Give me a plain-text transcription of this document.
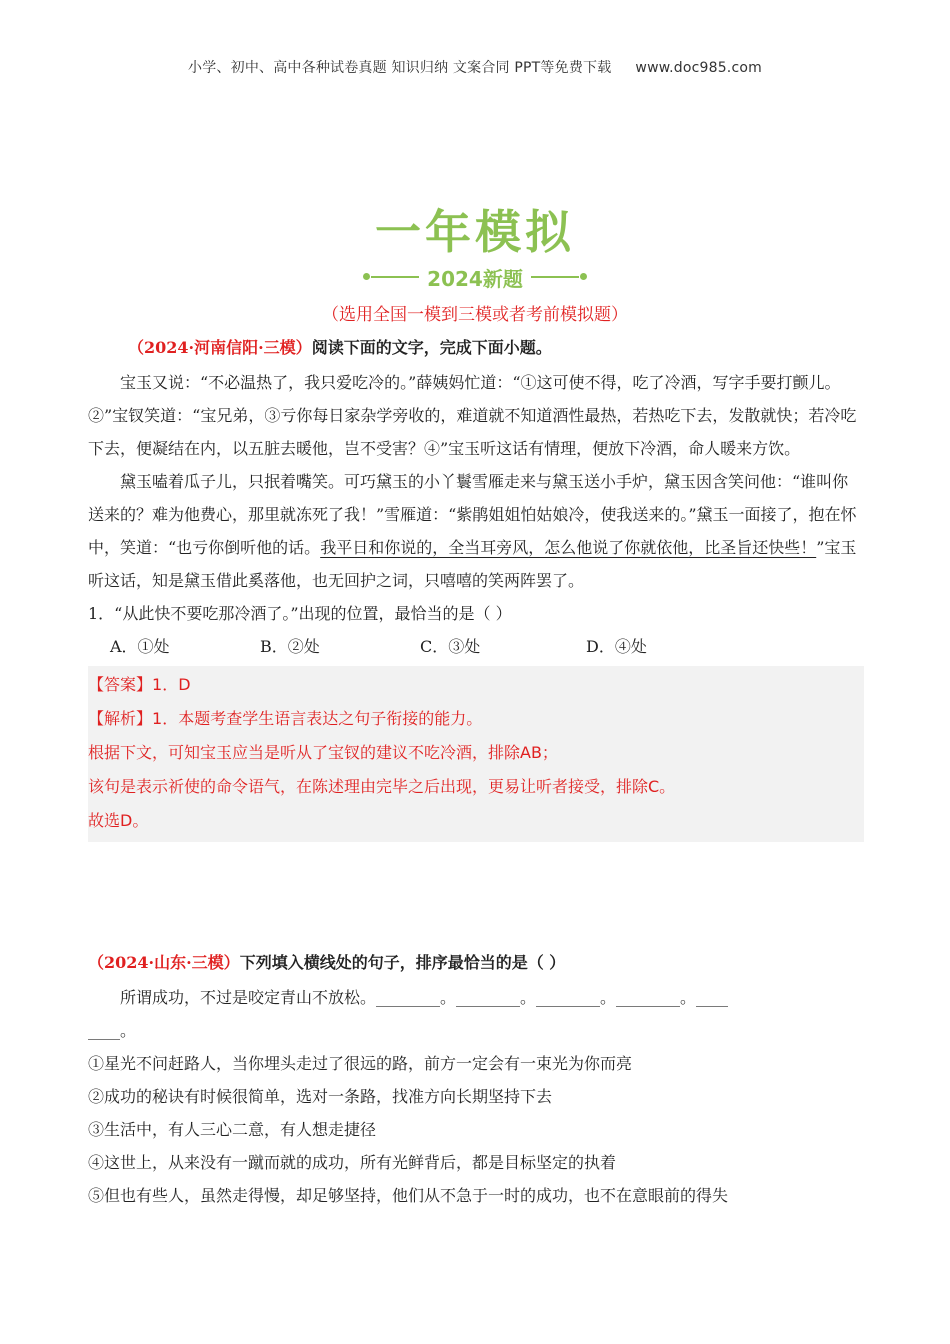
小学、初中、高中各种试卷真题 知识归纳 文案合同 PPT等免费下载 www.doc985.com
一年模拟
2024新题
（选用全国一模到三模或者考前模拟题）
（2024·河南信阳·三模）阅读下面的文字，完成下面小题。

宝玉又说：“不必温热了，我只爱吃冷的。”薛姨妈忙道：“①这可使不得，吃了冷酒，写字手要打颤儿。②”宝钗笑道：“宝兄弟，③亏你每日家杂学旁收的，难道就不知道酒性最热，若热吃下去，发散就快；若冷吃下去，便凝结在内，以五脏去暖他，岂不受害？④”宝玉听这话有情理，便放下冷酒，命人暖来方饮。

黛玉嗑着瓜子儿，只抿着嘴笑。可巧黛玉的小丫鬟雪雁走来与黛玉送小手炉，黛玉因含笑问他：“谁叫你送来的？难为他费心，那里就冻死了我！”雪雁道：“紫鹃姐姐怕姑娘冷，使我送来的。”黛玉一面接了，抱在怀中，笑道：“也亏你倒听他的话。我平日和你说的，全当耳旁风，怎么他说了你就依他，比圣旨还快些！”宝玉听这话，知是黛玉借此奚落他，也无回护之词，只嘻嘻的笑两阵罢了。

1．“从此快不要吃那冷酒了。”出现的位置，最恰当的是（ ）

A．①处	B．②处	C．③处	D．④处

【答案】1．D

【解析】1．本题考查学生语言表达之句子衔接的能力。

根据下文，可知宝玉应当是听从了宝钗的建议不吃冷酒，排除AB；

该句是表示祈使的命令语气，在陈述理由完毕之后出现，更易让听者接受，排除C。

故选D。

（2024·山东·三模）下列填入横线处的句子，排序最恰当的是（ ）

所谓成功，不过是咬定青山不放松。________。________。________。________。____

____。

①星光不问赶路人，当你埋头走过了很远的路，前方一定会有一束光为你而亮

②成功的秘诀有时候很简单，选对一条路，找准方向长期坚持下去

③生活中，有人三心二意，有人想走捷径

④这世上，从来没有一蹴而就的成功，所有光鲜背后，都是目标坚定的执着

⑤但也有些人，虽然走得慢，却足够坚持，他们从不急于一时的成功，也不在意眼前的得失
